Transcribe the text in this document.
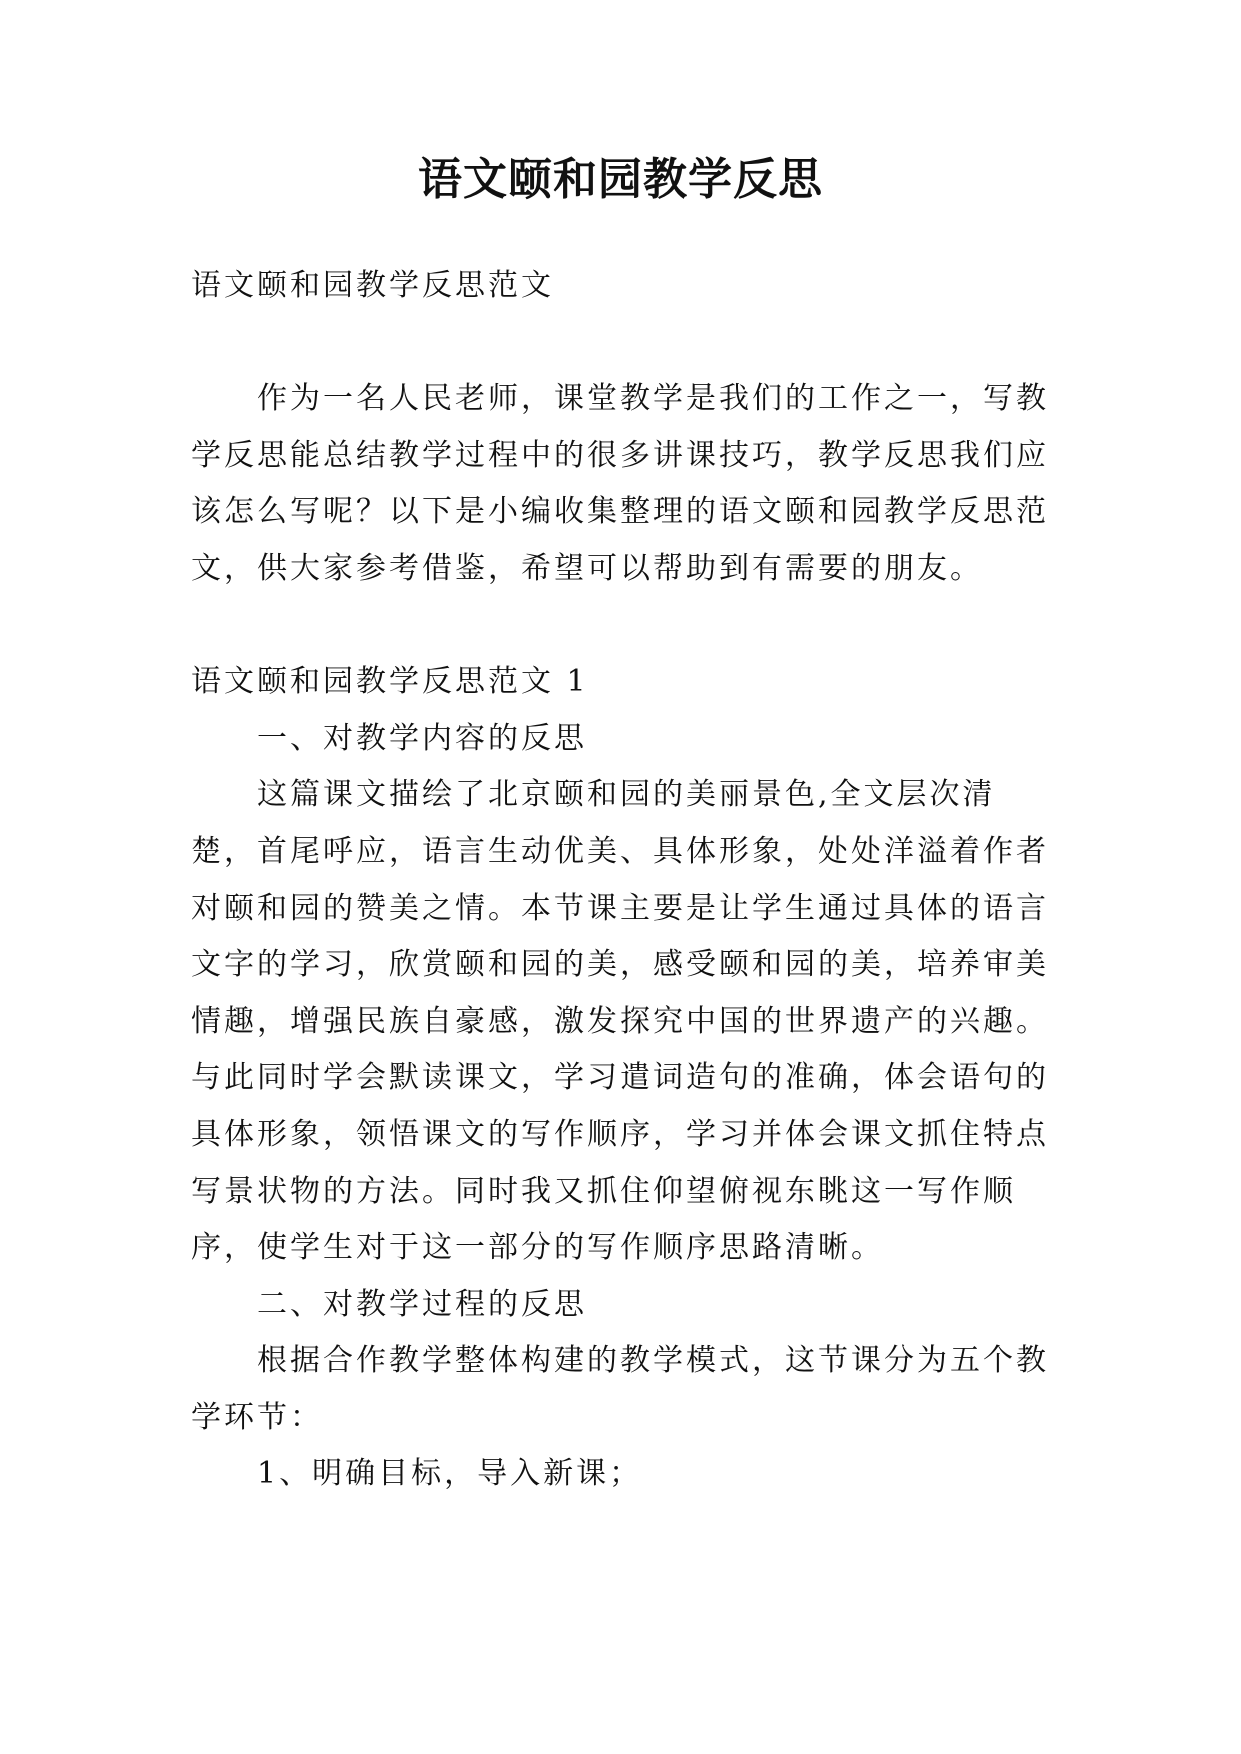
语文颐和园教学反思

语文颐和园教学反思范文

作为一名人民老师，课堂教学是我们的工作之一，写教学反思能总结教学过程中的很多讲课技巧，教学反思我们应该怎么写呢？以下是小编收集整理的语文颐和园教学反思范文，供大家参考借鉴，希望可以帮助到有需要的朋友。

语文颐和园教学反思范文 1

一、对教学内容的反思

这篇课文描绘了北京颐和园的美丽景色,全文层次清楚，首尾呼应，语言生动优美、具体形象，处处洋溢着作者对颐和园的赞美之情。本节课主要是让学生通过具体的语言文字的学习，欣赏颐和园的美，感受颐和园的美，培养审美情趣，增强民族自豪感，激发探究中国的世界遗产的兴趣。与此同时学会默读课文，学习遣词造句的准确，体会语句的具体形象，领悟课文的写作顺序，学习并体会课文抓住特点写景状物的方法。同时我又抓住仰望俯视东眺这一写作顺序，使学生对于这一部分的写作顺序思路清晰。

二、对教学过程的反思

根据合作教学整体构建的教学模式，这节课分为五个教学环节：

1、明确目标，导入新课；
